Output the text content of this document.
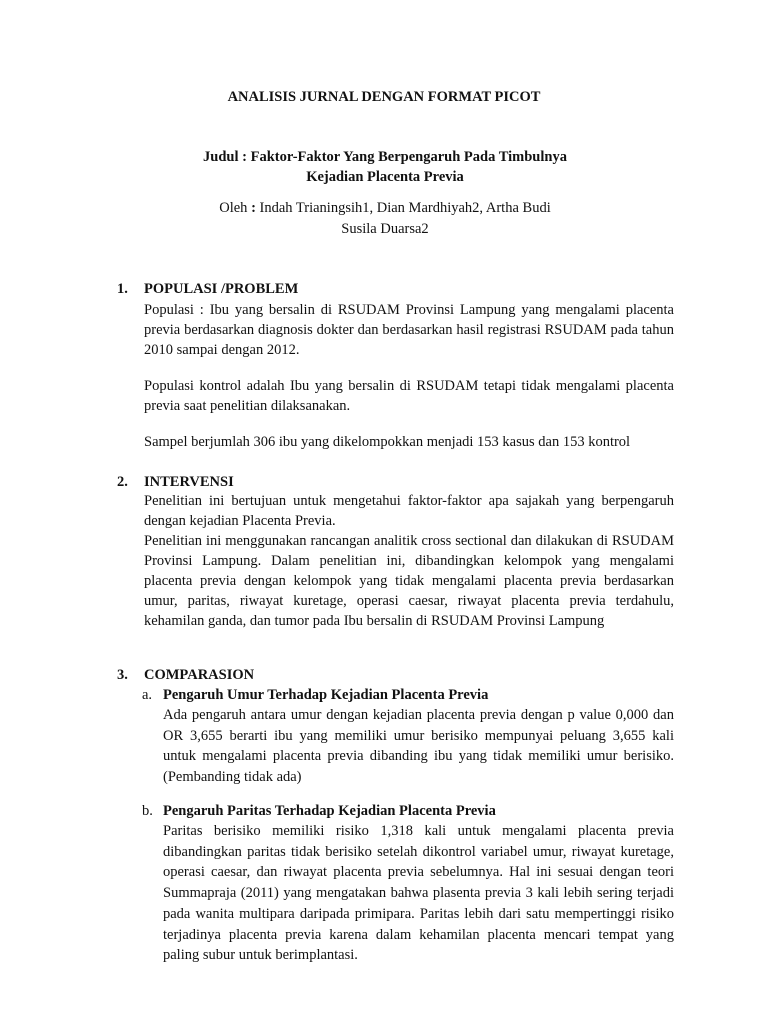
ANALISIS JURNAL DENGAN FORMAT PICOT
Judul : Faktor-Faktor Yang Berpengaruh Pada Timbulnya
Kejadian Placenta Previa
Oleh : Indah Trianingsih1, Dian Mardhiyah2, Artha Budi
Susila Duarsa2
1. POPULASI /PROBLEM
Populasi : Ibu yang bersalin di RSUDAM Provinsi Lampung yang mengalami placenta previa berdasarkan diagnosis dokter dan berdasarkan hasil registrasi RSUDAM pada tahun 2010 sampai dengan 2012.
Populasi kontrol adalah Ibu yang bersalin di RSUDAM tetapi tidak mengalami placenta previa saat penelitian dilaksanakan.
Sampel berjumlah 306 ibu yang dikelompokkan menjadi 153 kasus dan 153 kontrol
2. INTERVENSI
Penelitian ini bertujuan untuk mengetahui faktor-faktor apa sajakah yang berpengaruh dengan kejadian Placenta Previa.
Penelitian ini menggunakan rancangan analitik cross sectional dan dilakukan di RSUDAM Provinsi Lampung. Dalam penelitian ini, dibandingkan kelompok yang mengalami placenta previa dengan kelompok yang tidak mengalami placenta previa berdasarkan umur, paritas, riwayat kuretage, operasi caesar, riwayat placenta previa terdahulu, kehamilan ganda, dan tumor pada Ibu bersalin di RSUDAM Provinsi Lampung
3. COMPARASION
a. Pengaruh Umur Terhadap Kejadian Placenta Previa
Ada pengaruh antara umur dengan kejadian placenta previa dengan p value 0,000 dan OR 3,655 berarti ibu yang memiliki umur berisiko mempunyai peluang 3,655 kali untuk mengalami placenta previa dibanding ibu yang tidak memiliki umur berisiko. (Pembanding tidak ada)
b. Pengaruh Paritas Terhadap Kejadian Placenta Previa
Paritas berisiko memiliki risiko 1,318 kali untuk mengalami placenta previa dibandingkan paritas tidak berisiko setelah dikontrol variabel umur, riwayat kuretage, operasi caesar, dan riwayat placenta previa sebelumnya. Hal ini sesuai dengan teori Summapraja (2011) yang mengatakan bahwa plasenta previa 3 kali lebih sering terjadi pada wanita multipara daripada primipara. Paritas lebih dari satu mempertinggi risiko terjadinya placenta previa karena dalam kehamilan placenta mencari tempat yang paling subur untuk berimplantasi.
